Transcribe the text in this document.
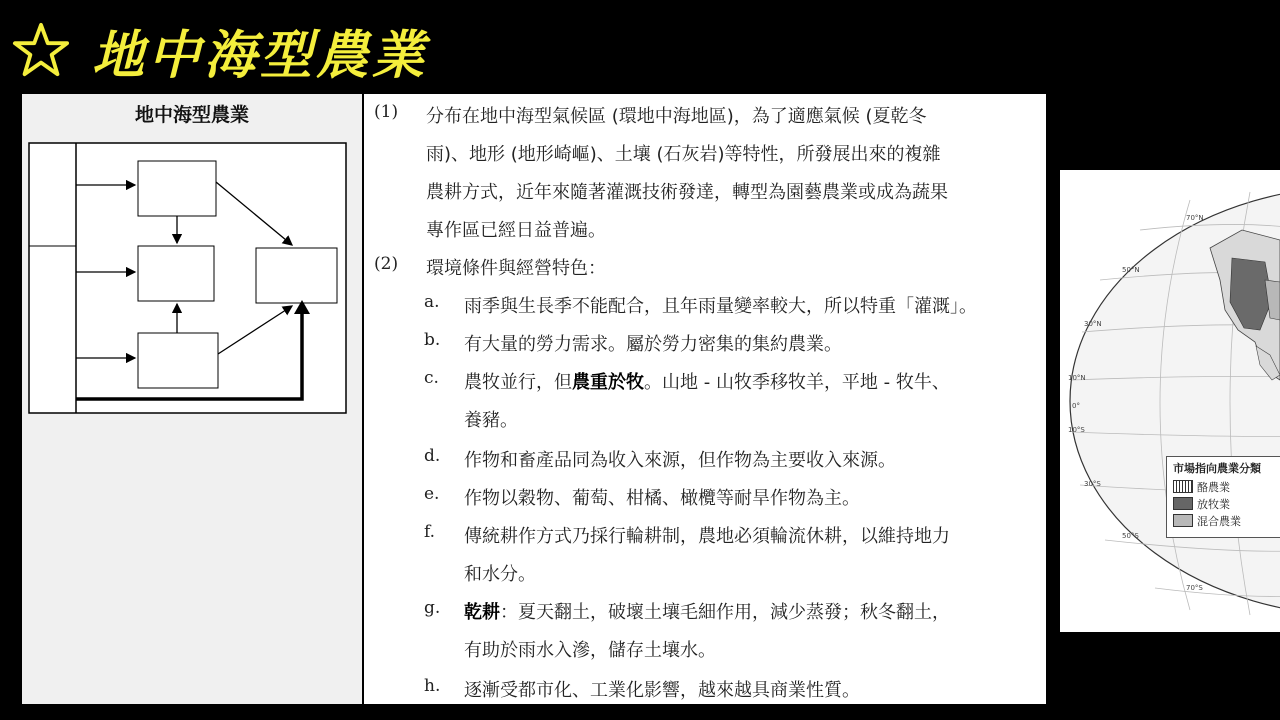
地中海型農業
地中海型農業	(1) 分布在地中海型氣候區 (環地中海地區)，為了適應氣候 (夏乾冬
雨)、地形 (地形崎嶇)、土壤 (石灰岩)等特性，所發展出來的複雜
農耕方式，近年來隨著灌溉技術發達，轉型為園藝農業或成為蔬果
專作區已經日益普遍。
(2) 環境條件與經營特色：
a. 雨季與生長季不能配合，且年雨量變率較大，所以特重「灌溉」。
b. 有大量的勞力需求。屬於勞力密集的集約農業。
c. 農牧並行，但農重於牧。山地 - 山牧季移牧羊，平地 - 牧牛、
養豬。
d. 作物和畜產品同為收入來源，但作物為主要收入來源。
e. 作物以穀物、葡萄、柑橘、橄欖等耐旱作物為主。
f. 傳統耕作方式乃採行輪耕制，農地必須輪流休耕，以維持地力
和水分。
g. 乾耕：夏天翻土，破壞土壤毛細作用，減少蒸發；秋冬翻土，
有助於雨水入滲，儲存土壤水。
h. 逐漸受都市化、工業化影響，越來越具商業性質。
70°N
50°N
30°N
10°N
0°
10°S
30°S
50°S
70°S
市場指向農業分類
酪農業
放牧業
混合農業
